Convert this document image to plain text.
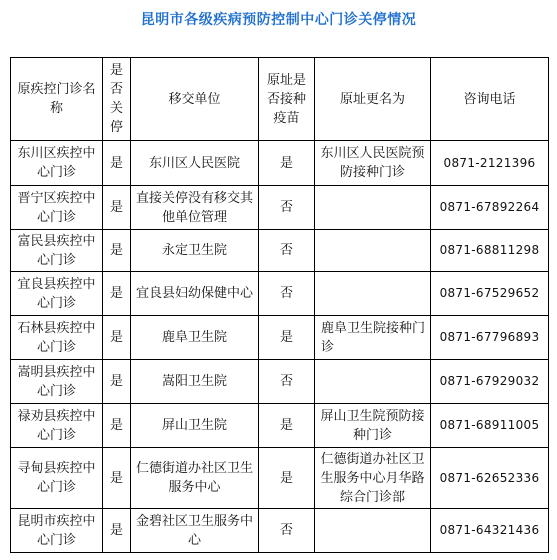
昆明市各级疾病预防控制中心门诊关停情况
原疾控门诊名称	是否关停	移交单位	原址是否接种疫苗	原址更名为	咨询电话
东川区疾控中心门诊	是	东川区人民医院	是	东川区人民医院预防接种门诊	0871-2121396
晋宁区疾控中心门诊	是	直接关停没有移交其他单位管理	否		0871-67892264
富民县疾控中心门诊	是	永定卫生院	否		0871-68811298
宜良县疾控中心门诊	是	宜良县妇幼保健中心	否		0871-67529652
石林县疾控中心门诊	是	鹿阜卫生院	是	鹿阜卫生院接种门诊	0871-67796893
嵩明县疾控中心门诊	是	嵩阳卫生院	否		0871-67929032
禄劝县疾控中心门诊	是	屏山卫生院	是	屏山卫生院预防接种门诊	0871-68911005
寻甸县疾控中心门诊	是	仁德街道办社区卫生服务中心	是	仁德街道办社区卫生服务中心月华路综合门诊部	0871-62652336
昆明市疾控中心门诊	是	金碧社区卫生服务中心	否		0871-64321436
